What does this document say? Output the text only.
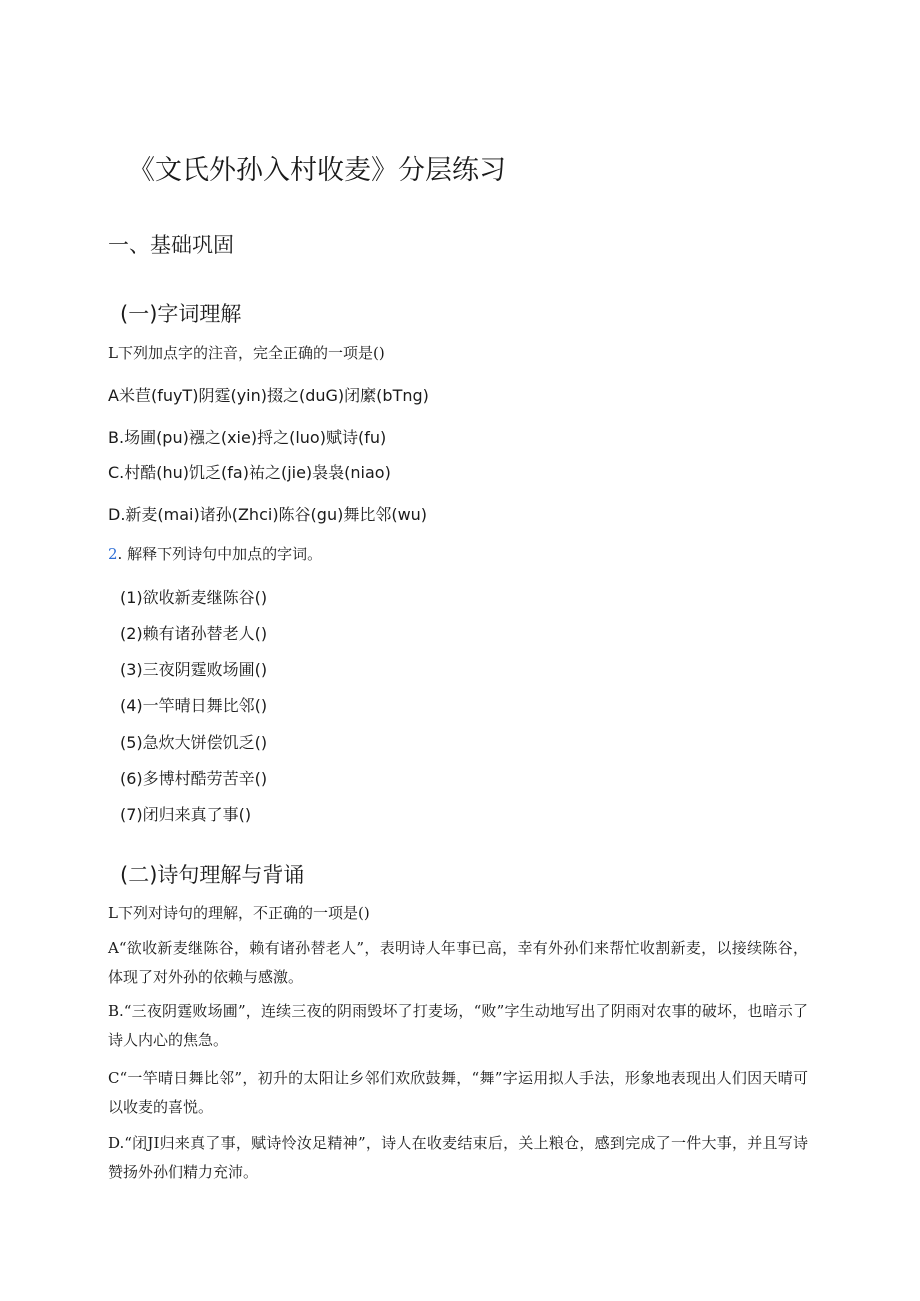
《文氏外孙入村收麦》分层练习
一、基础巩固
(一)字词理解
L下列加点字的注音，完全正确的一项是()
A米苣(fuyT)阴霆(yin)掇之(duG)闭縻(bTng)
B.场圃(pu)襁之(xie)捋之(luo)赋诗(fu)
C.村酷(hu)饥乏(fa)祐之(jie)袅袅(niao)
D.新麦(mai)诸孙(Zhci)陈谷(gu)舞比邻(wu)
2. 解释下列诗句中加点的字词。
(1)欲收新麦继陈谷()
(2)赖有诸孙替老人()
(3)三夜阴霆败场圃()
(4)一竿晴日舞比邻()
(5)急炊大饼偿饥乏()
(6)多博村酷劳苦辛()
(7)闭归来真了事()
(二)诗句理解与背诵
L下列对诗句的理解，不正确的一项是()
A“欲收新麦继陈谷，赖有诸孙替老人”，表明诗人年事已高，幸有外孙们来帮忙收割新麦，以接续陈谷，体现了对外孙的依赖与感激。
B.“三夜阴霆败场圃”，连续三夜的阴雨毁坏了打麦场，“败”字生动地写出了阴雨对农事的破坏，也暗示了诗人内心的焦急。
C“一竿晴日舞比邻”，初升的太阳让乡邻们欢欣鼓舞，“舞”字运用拟人手法，形象地表现出人们因天晴可以收麦的喜悦。
D.“闭JI归来真了事，赋诗怜汝足精神”，诗人在收麦结束后，关上粮仓，感到完成了一件大事，并且写诗赞扬外孙们精力充沛。
